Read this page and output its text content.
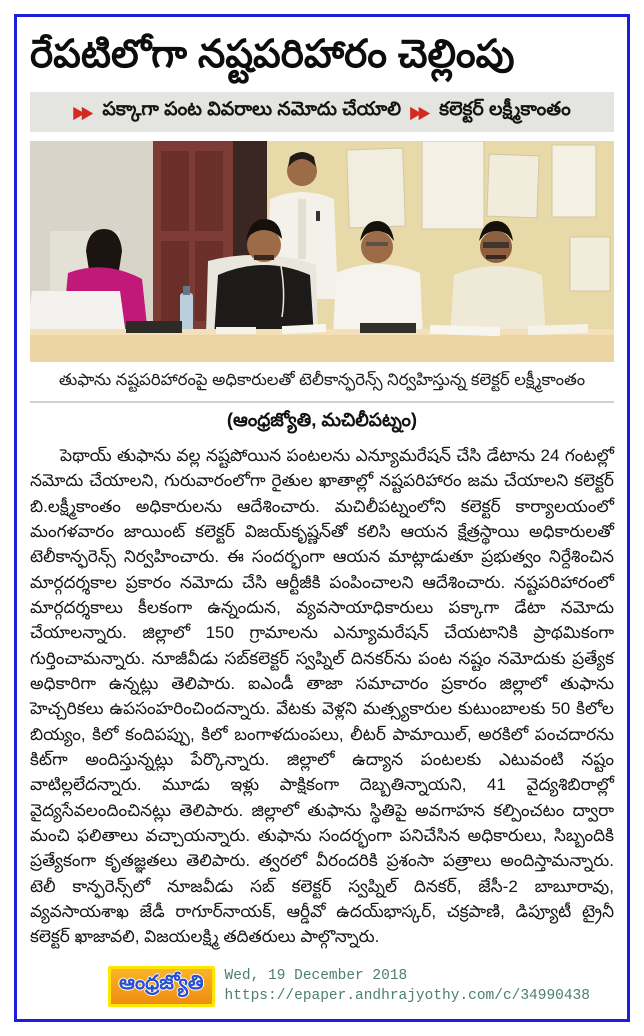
రేపటిలోగా నష్టపరిహారం చెల్లింపు
▶▶ పక్కాగా పంట వివరాలు నమోదు చేయాలి ▶▶ కలెక్టర్ లక్ష్మీకాంతం
తుఫాను నష్టపరిహారంపై అధికారులతో టెలీకాన్ఫరెన్స్ నిర్వహిస్తున్న కలెక్టర్ లక్ష్మీకాంతం
(ఆంధ్రజ్యోతి, మచిలీపట్నం)

పెథాయ్ తుఫాను వల్ల నష్టపోయిన పంటలను ఎన్యూమరేషన్ చేసి డేటాను 24 గంటల్లో నమోదు చేయాలని, గురువారంలోగా రైతుల ఖాతాల్లో నష్టపరిహారం జమ చేయాలని కలెక్టర్ బి.లక్ష్మీకాంతం అధికారులను ఆదేశించారు. మచిలీపట్నంలోని కలెక్టర్ కార్యాలయంలో మంగళవారం జాయింట్ కలెక్టర్ విజయ్‌కృష్ణన్‌తో కలిసి ఆయన క్షేత్రస్థాయి అధికారులతో టెలీకాన్ఫరెన్స్ నిర్వహించారు. ఈ సందర్భంగా ఆయన మాట్లాడుతూ ప్రభుత్వం నిర్దేశించిన మార్గదర్శకాల ప్రకారం నమోదు చేసి ఆర్టీజీకి పంపించాలని ఆదేశించారు. నష్టపరిహారంలో మార్గదర్శకాలు కీలకంగా ఉన్నందున, వ్యవసాయాధికారులు పక్కాగా డేటా నమోదు చేయాలన్నారు. జిల్లాలో 150 గ్రామాలను ఎన్యూమరేషన్ చేయటానికి ప్రాథమికంగా గుర్తించామన్నారు. నూజీవీడు సబ్‌కలెక్టర్ స్వప్నిల్ దినకర్‌ను పంట నష్టం నమోదుకు ప్రత్యేక అధికారిగా ఉన్నట్లు తెలిపారు. ఐఎండీ తాజా సమాచారం ప్రకారం జిల్లాలో తుఫాను హెచ్చరికలు ఉపసంహరించిందన్నారు. వేటకు వెళ్లని మత్స్యకారుల కుటుంబాలకు 50 కిలోల బియ్యం, కిలో కందిపప్పు, కిలో బంగాళదుంపలు, లీటర్ పామాయిల్, అరకిలో పంచదారను కిట్‌గా అందిస్తున్నట్లు పేర్కొన్నారు. జిల్లాలో ఉద్యాన పంటలకు ఎటువంటి నష్టం వాటిల్లలేదన్నారు. మూడు ఇళ్లు పాక్షికంగా దెబ్బతిన్నాయని, 41 వైద్యశిబిరాల్లో వైద్యసేవలందించినట్లు తెలిపారు. జిల్లాలో తుఫాను స్థితిపై అవగాహన కల్పించటం ద్వారా మంచి ఫలితాలు వచ్చాయన్నారు. తుఫాను సందర్భంగా పనిచేసిన అధికారులు, సిబ్బందికి ప్రత్యేకంగా కృతజ్ఞతలు తెలిపారు. త్వరలో వీరందరికి ప్రశంసా పత్రాలు అందిస్తామన్నారు. టెలీ కాన్ఫరెన్స్‌లో నూజవీడు సబ్ కలెక్టర్ స్వప్నిల్ దినకర్, జేసీ-2 బాబూరావు, వ్యవసాయశాఖ జేడీ రాగూర్‌నాయక్, ఆర్డీవో ఉదయ్‌భాస్కర్, చక్రపాణి, డిప్యూటీ ట్రైనీ కలెక్టర్ ఖాజావలి, విజయలక్ష్మి తదితరులు పాల్గొన్నారు.

ఆంధ్రజ్యోతి	Wed, 19 December 2018
https://epaper.andhrajyothy.com/c/34990438
